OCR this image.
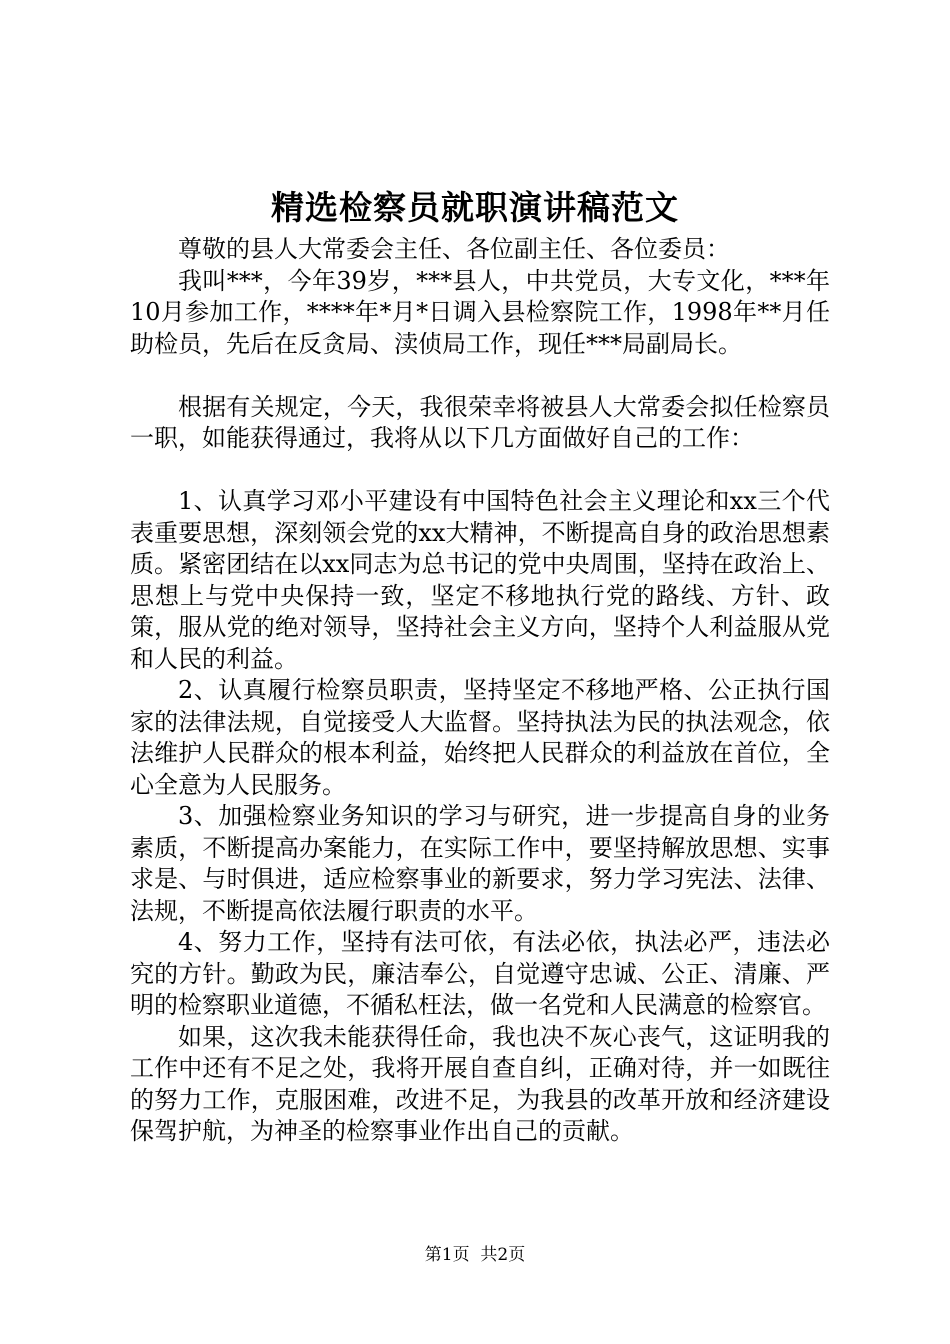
精选检察员就职演讲稿范文

尊敬的县人大常委会主任、各位副主任、各位委员：

我叫***，今年39岁，***县人，中共党员，大专文化，***年10月参加工作，****年*月*日调入县检察院工作，1998年**月任助检员，先后在反贪局、渎侦局工作，现任***局副局长。

根据有关规定，今天，我很荣幸将被县人大常委会拟任检察员一职，如能获得通过，我将从以下几方面做好自己的工作：

1、认真学习邓小平建设有中国特色社会主义理论和xx三个代表重要思想，深刻领会党的xx大精神，不断提高自身的政治思想素质。紧密团结在以xx同志为总书记的党中央周围，坚持在政治上、思想上与党中央保持一致，坚定不移地执行党的路线、方针、政策，服从党的绝对领导，坚持社会主义方向，坚持个人利益服从党和人民的利益。

2、认真履行检察员职责，坚持坚定不移地严格、公正执行国家的法律法规，自觉接受人大监督。坚持执法为民的执法观念，依法维护人民群众的根本利益，始终把人民群众的利益放在首位，全心全意为人民服务。

3、加强检察业务知识的学习与研究，进一步提高自身的业务素质，不断提高办案能力，在实际工作中，要坚持解放思想、实事求是、与时俱进，适应检察事业的新要求，努力学习宪法、法律、法规，不断提高依法履行职责的水平。

4、努力工作，坚持有法可依，有法必依，执法必严，违法必究的方针。勤政为民，廉洁奉公，自觉遵守忠诚、公正、清廉、严明的检察职业道德，不循私枉法，做一名党和人民满意的检察官。

如果，这次我未能获得任命，我也决不灰心丧气，这证明我的工作中还有不足之处，我将开展自查自纠，正确对待，并一如既往的努力工作，克服困难，改进不足，为我县的改革开放和经济建设保驾护航，为神圣的检察事业作出自己的贡献。

第1页  共2页
